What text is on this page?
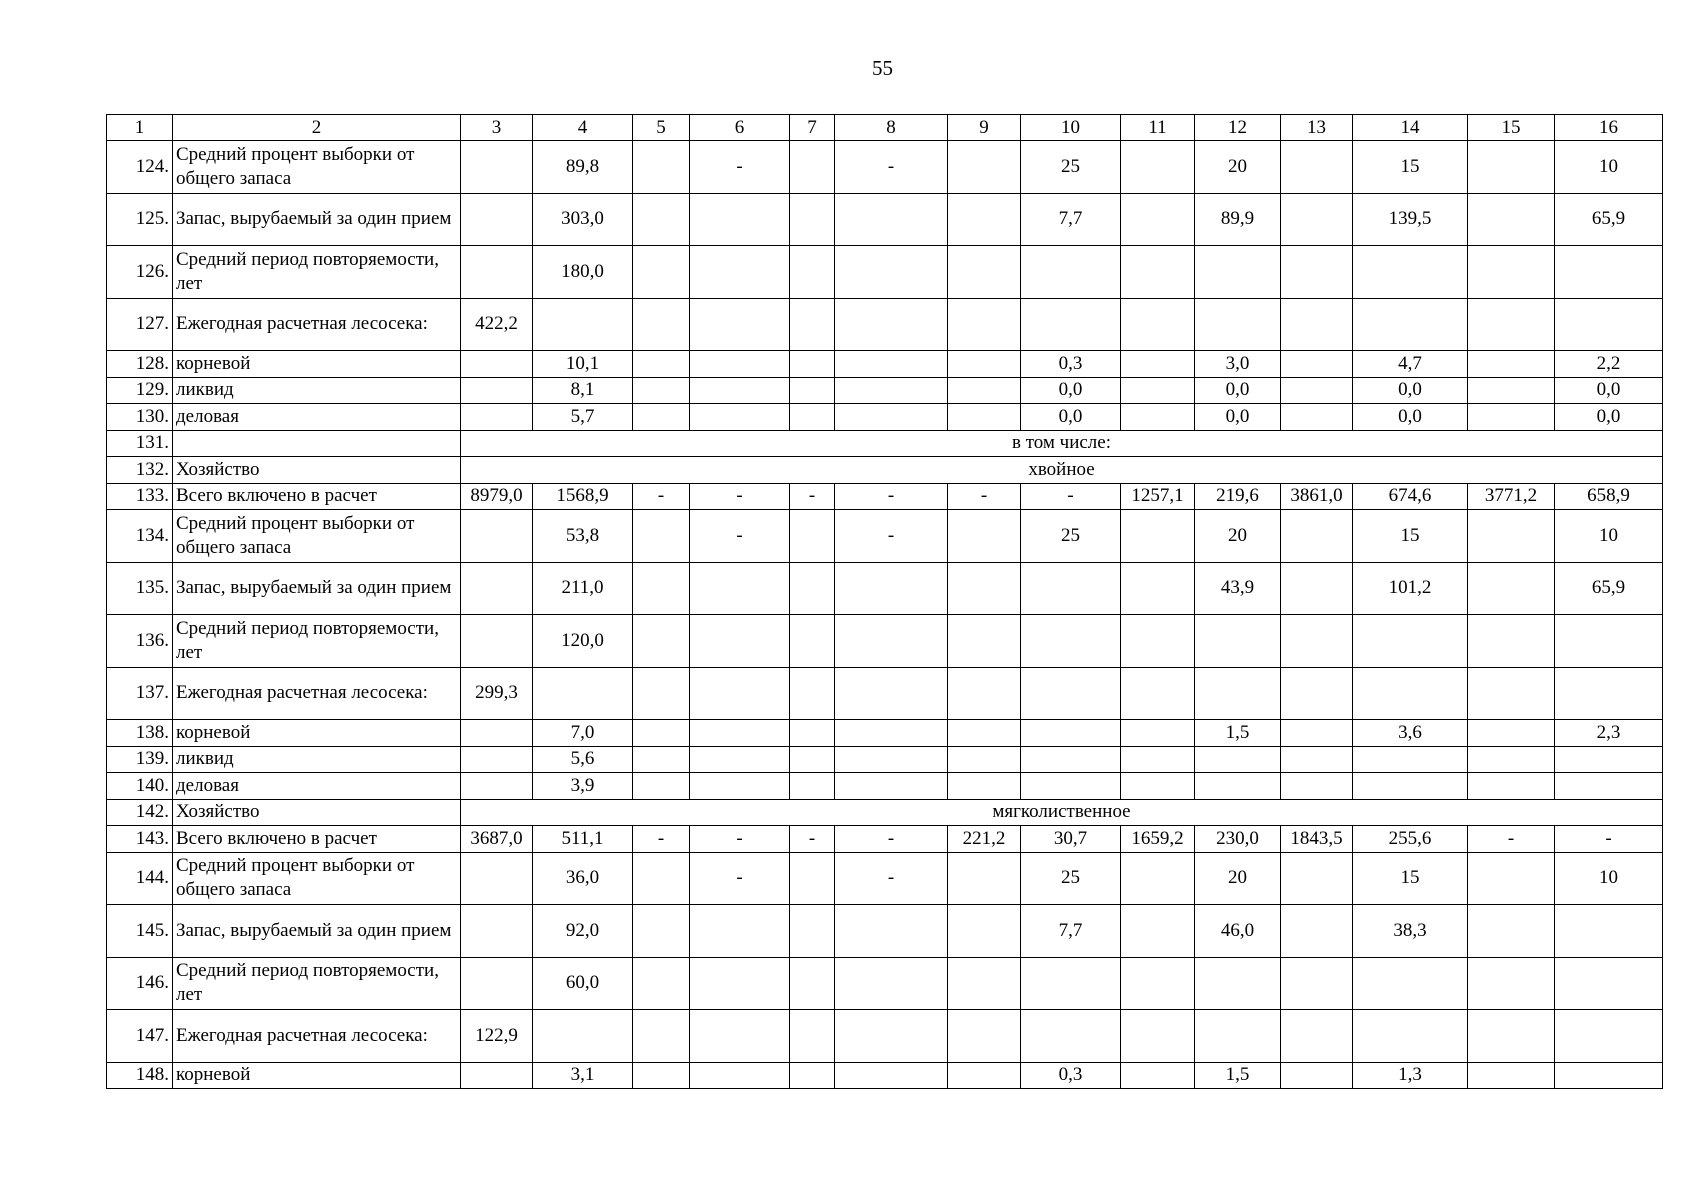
55
1	2	3	4	5	6	7	8	9	10	11	12	13	14	15	16
124.	Средний процент выборки от общего запаса		89,8		-		-		25		20		15		10
125.	Запас, вырубаемый за один прием		303,0						7,7		89,9		139,5		65,9
126.	Средний период повторяемости, лет		180,0												
127.	Ежегодная расчетная лесосека:	422,2													
128.	корневой		10,1						0,3		3,0		4,7		2,2
129.	ликвид		8,1						0,0		0,0		0,0		0,0
130.	деловая		5,7						0,0		0,0		0,0		0,0
131.		в том числе:													
132.	Хозяйство	хвойное													
133.	Всего включено в расчет	8979,0	1568,9	-	-	-	-	-	-	1257,1	219,6	3861,0	674,6	3771,2	658,9
134.	Средний процент выборки от общего запаса		53,8		-		-		25		20		15		10
135.	Запас, вырубаемый за один прием		211,0								43,9		101,2		65,9
136.	Средний период повторяемости, лет		120,0												
137.	Ежегодная расчетная лесосека:	299,3													
138.	корневой		7,0								1,5		3,6		2,3
139.	ликвид		5,6												
140.	деловая		3,9												
142.	Хозяйство	мягколиственное													
143.	Всего включено в расчет	3687,0	511,1	-	-	-	-	221,2	30,7	1659,2	230,0	1843,5	255,6	-	-
144.	Средний процент выборки от общего запаса		36,0		-		-		25		20		15		10
145.	Запас, вырубаемый за один прием		92,0						7,7		46,0		38,3		
146.	Средний период повторяемости, лет		60,0												
147.	Ежегодная расчетная лесосека:	122,9													
148.	корневой		3,1						0,3		1,5		1,3		
